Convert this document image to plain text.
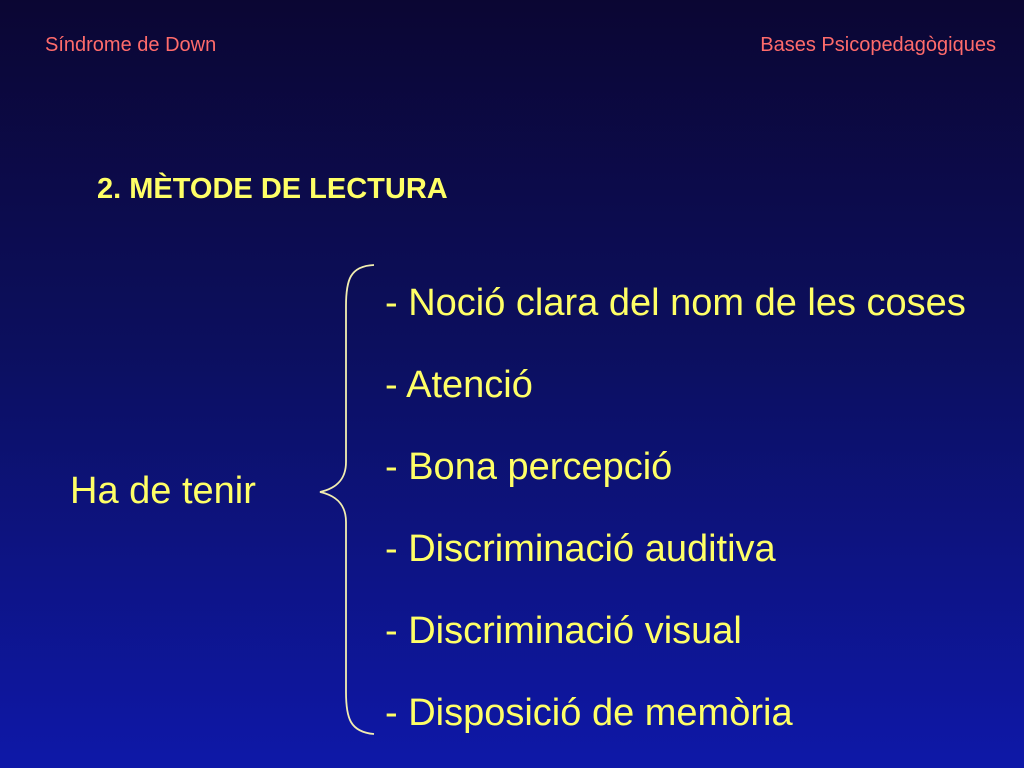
Síndrome de Down	Bases Psicopedagògiques
2. MÈTODE DE LECTURA
Ha de tenir
- Noció clara del nom de les coses
- Atenció
- Bona percepció
- Discriminació auditiva
- Discriminació visual
- Disposició de memòria
